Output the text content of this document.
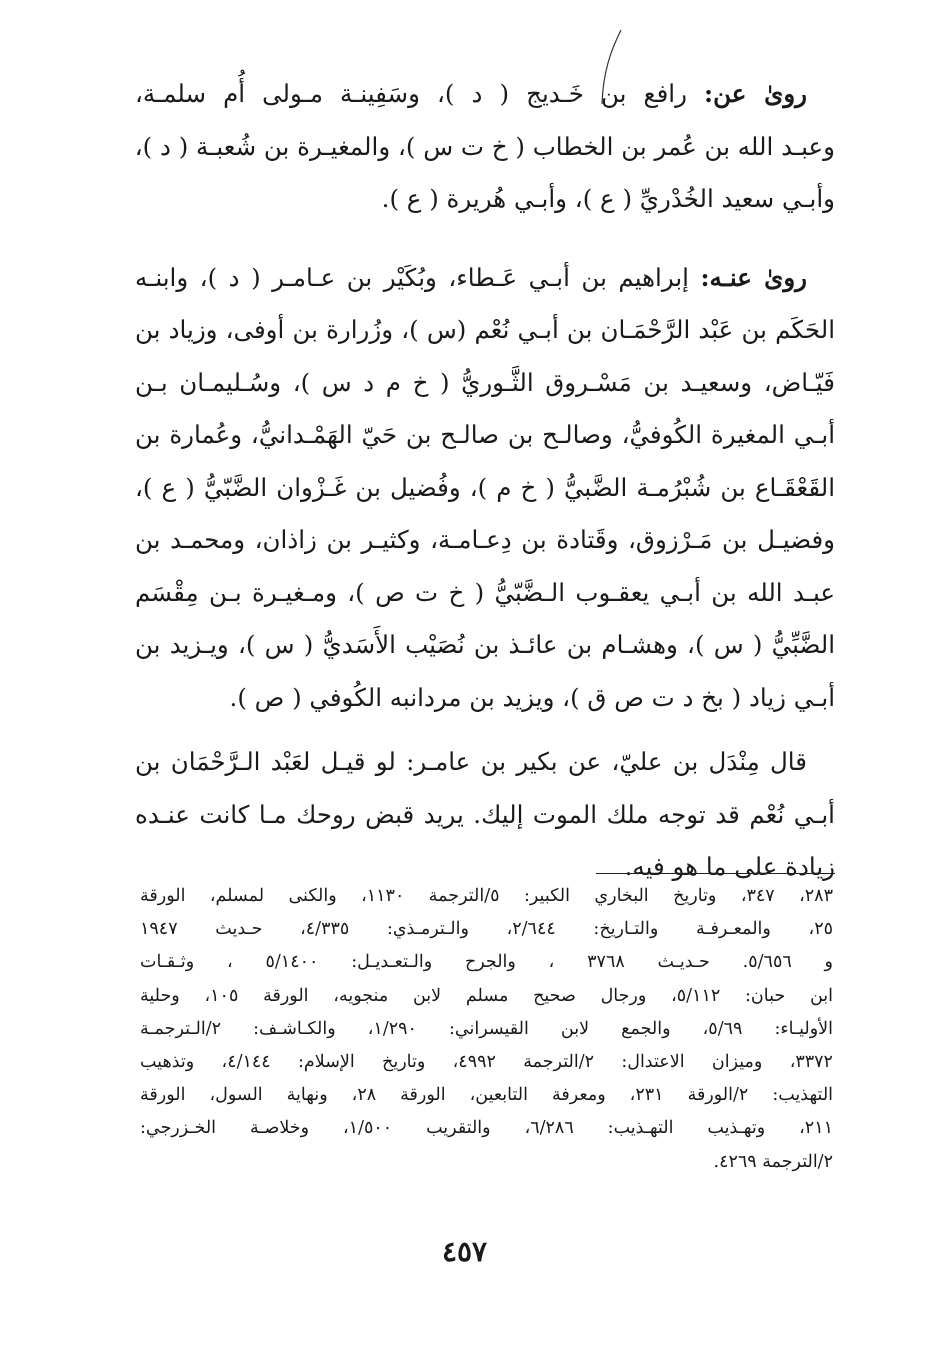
روىٰ عن: رافع بن خَـديج ( د )، وسَفِينـة مـولى أُم سلمـة،
وعبـد الله بن عُمر بن الخطاب ( خ ت س )، والمغيـرة بن شُعبـة ( د )،
وأبـي سعيد الخُدْريِّ ( ع )، وأبـي هُريرة ( ع ).
روىٰ عنـه: إبراهيم بن أبـي عَـطاء، وبُكَيْر بن عـامـر ( د )، وابنـه
الحَكَم بن عَبْد الرَّحْمَـان بن أبـي نُعْم (س )، وزُرارة بن أوفى، وزياد بن
فَيّـاض، وسعيـد بن مَسْـروق الثَّـوريُّ ( خ م د س )، وسُـليمـان بـن
أبـي المغيرة الكُوفيُّ، وصالـح بن صالـح بن حَيّ الهَمْـدانيُّ، وعُمارة بن
القَعْقَـاع بن شُبْرُمـة الضَّبيُّ ( خ م )، وفُضيل بن غَـزْوان الضَّبّيُّ ( ع )،
وفضيـل بن مَـرْزوق، وقَتادة بن دِعـامـة، وكثيـر بن زاذان، ومحمـد بن
عبـد الله بن أبـي يعقـوب الـضَّبّيُّ ( خ ت ص )، ومـغيـرة بـن مِقْسَم
الضَّبِّيُّ ( س )، وهشـام بن عائـذ بن نُصَيْب الأَسَديُّ ( س )، ويـزيد بن
أبـي زياد ( بخ د ت ص ق )، ويزيد بن مردانبه الكُوفي ( ص ).
قال مِنْدَل بن عليّ، عن بكير بن عامـر: لو قيـل لعَبْد الـرَّحْمَان بن
أبـي نُعْم قد توجه ملك الموت إليك. يريد قبض روحك مـا كانت عنـده
زيادة على ما هو فيه.
٢٨٣، ٣٤٧، وتاريخ البخاري الكبير: ٥/الترجمة ١١٣٠، والكنى لمسلم، الورقة
٢٥، والمعـرفـة والتـاريخ: ٢/٦٤٤، والـترمـذي: ٤/٣٣٥، حـديث ١٩٤٧
و ٥/٦٥٦. حـديـث ٣٧٦٨ ، والجرح والـتعـديـل: ٥/١٤٠٠ ، وثـقـات
ابن حبان: ٥/١١٢، ورجال صحيح مسلم لابن منجويه، الورقة ١٠٥، وحلية
الأوليـاء: ٥/٦٩، والجمع لابن القيسراني: ١/٢٩٠، والكـاشـف: ٢/الـترجمـة
٣٣٧٢، وميزان الاعتدال: ٢/الترجمة ٤٩٩٢، وتاريخ الإسلام: ٤/١٤٤، وتذهيب
التهذيب: ٢/الورقة ٢٣١، ومعرفة التابعين، الورقة ٢٨، ونهاية السول، الورقة
٢١١، وتهـذيب التهـذيب: ٦/٢٨٦، والتقريب ١/٥٠٠، وخلاصـة الخـزرجي:
٢/الترجمة ٤٢٦٩.
٤٥٧
